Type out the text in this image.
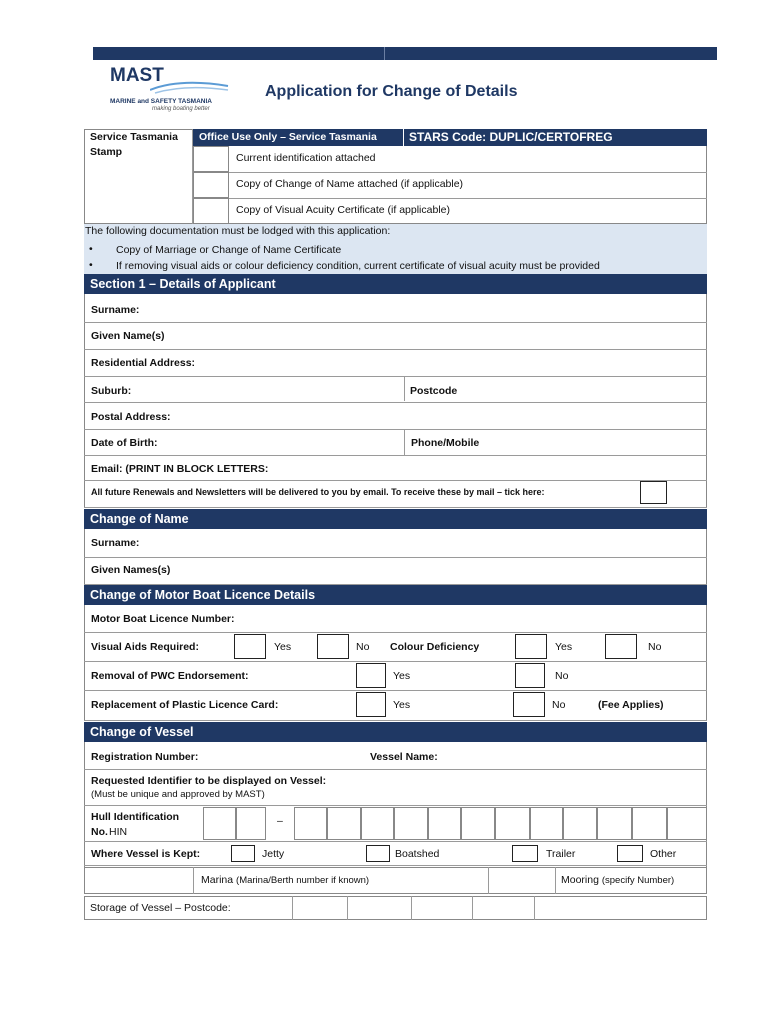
MAST
MARINE and SAFETY TASMANIA
making boating better
Application for Change of Details
Service Tasmania
Stamp
Office Use Only – Service Tasmania	STARS Code: DUPLIC/CERTOFREG
Current identification attached
Copy of Change of Name attached (if applicable)
Copy of Visual Acuity Certificate (if applicable)
The following documentation must be lodged with this application:
• Copy of Marriage or Change of Name Certificate
• If removing visual aids or colour deficiency condition, current certificate of visual acuity must be provided
Section 1 – Details of Applicant
Surname:
Given Name(s)
Residential Address:
Suburb:	Postcode
Postal Address:
Date of Birth:	Phone/Mobile
Email: (PRINT IN BLOCK LETTERS:
All future Renewals and Newsletters will be delivered to you by email. To receive these by mail – tick here:
Change of Name
Surname:
Given Names(s)
Change of Motor Boat Licence Details
Motor Boat Licence Number:
Visual Aids Required:	Yes	No Colour Deficiency	Yes	No
Removal of PWC Endorsement:	Yes	No
Replacement of Plastic Licence Card:	Yes	No	(Fee Applies)
Change of Vessel
Registration Number:	Vessel Name:
Requested Identifier to be displayed on Vessel:
(Must be unique and approved by MAST)
Hull Identification
No. HIN
–
Where Vessel is Kept:	Jetty	Boatshed	Trailer	Other
Marina (Marina/Berth number if known)	Mooring (specify Number)
Storage of Vessel – Postcode:
